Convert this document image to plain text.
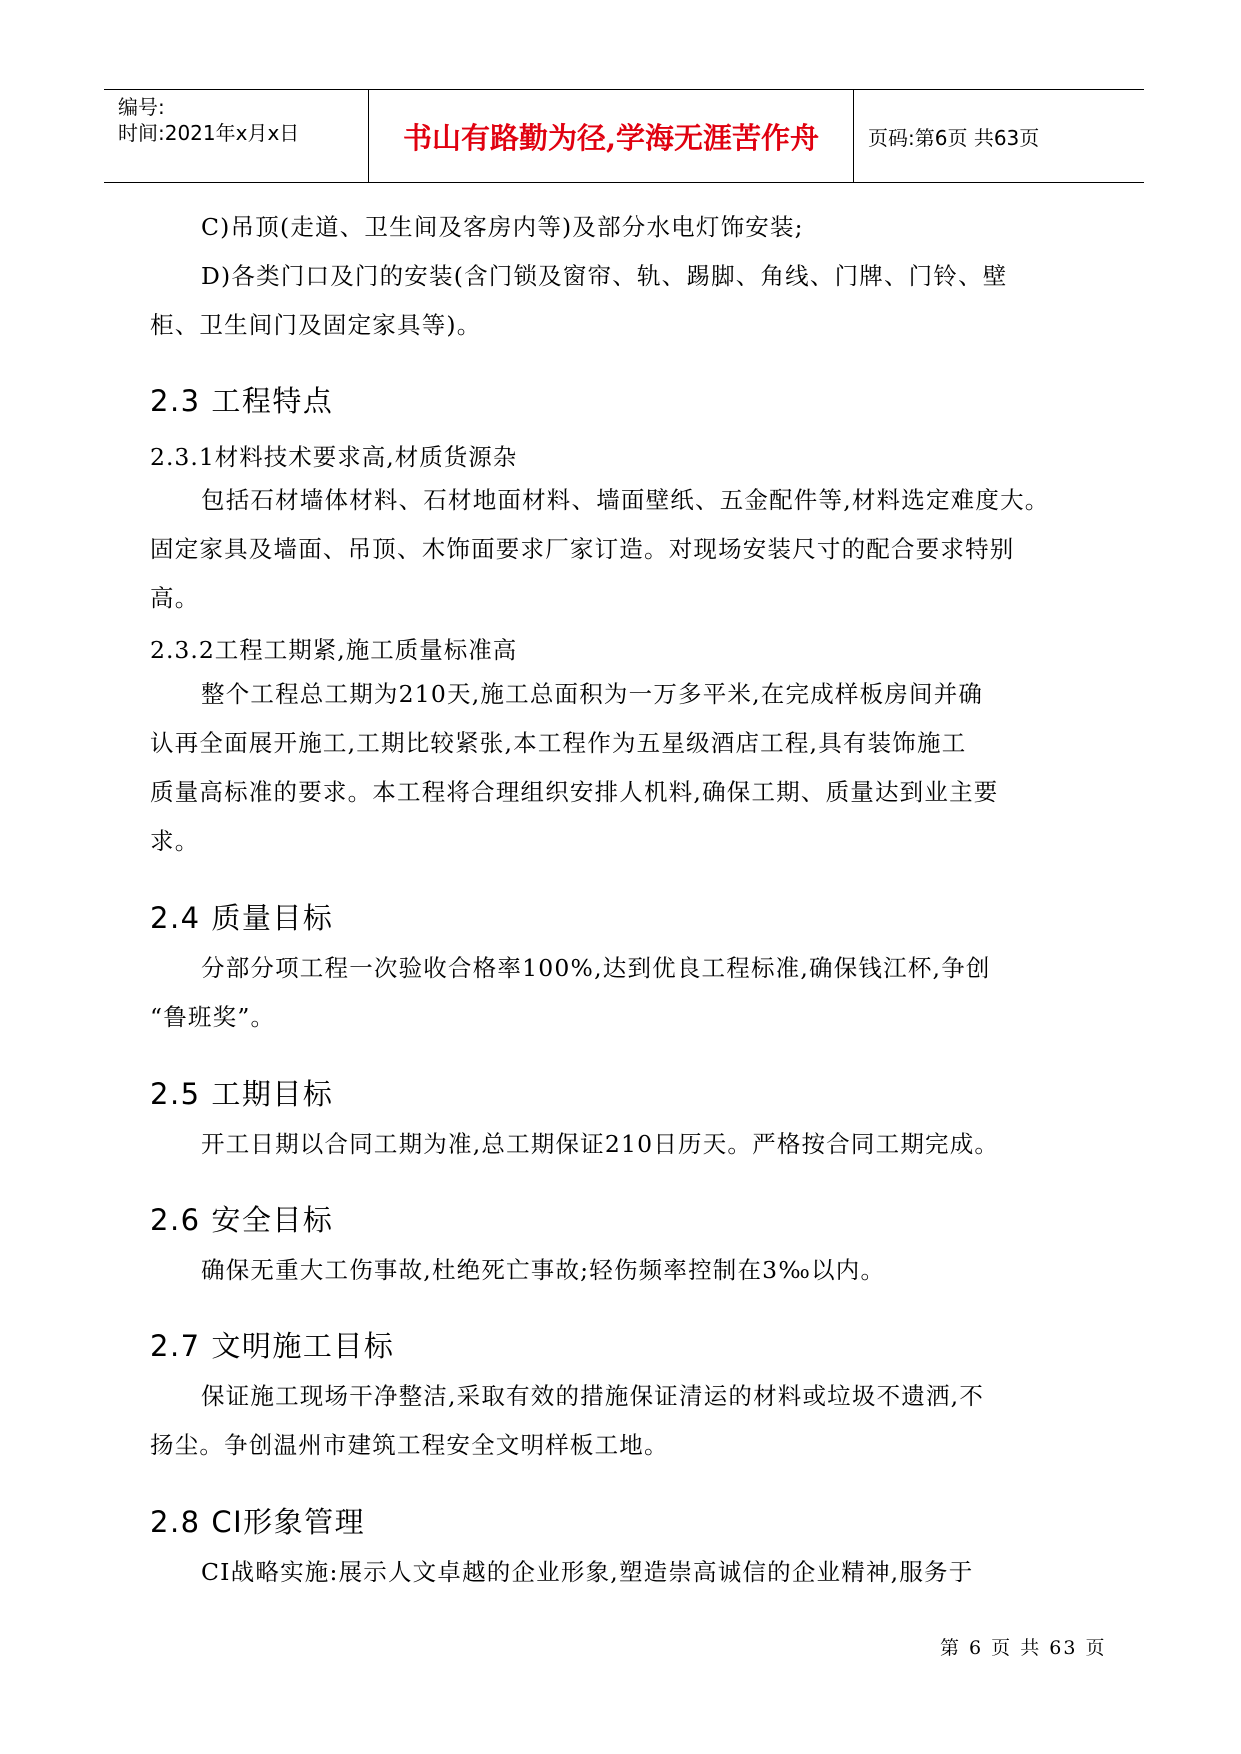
编号:
时间:2021年x月x日	书山有路勤为径,学海无涯苦作舟 页码:第6页 共63页
C)吊顶(走道、卫生间及客房内等)及部分水电灯饰安装;
D)各类门口及门的安装(含门锁及窗帘、轨、踢脚、角线、门牌、门铃、壁
柜、卫生间门及固定家具等)。
2.3 工程特点
2.3.1材料技术要求高,材质货源杂
包括石材墙体材料、石材地面材料、墙面壁纸、五金配件等,材料选定难度大。
固定家具及墙面、吊顶、木饰面要求厂家订造。对现场安装尺寸的配合要求特别
高。
2.3.2工程工期紧,施工质量标准高
整个工程总工期为210天,施工总面积为一万多平米,在完成样板房间并确
认再全面展开施工,工期比较紧张,本工程作为五星级酒店工程,具有装饰施工
质量高标准的要求。本工程将合理组织安排人机料,确保工期、质量达到业主要
求。
2.4 质量目标
分部分项工程一次验收合格率100%,达到优良工程标准,确保钱江杯,争创
“鲁班奖”。
2.5 工期目标
开工日期以合同工期为准,总工期保证210日历天。严格按合同工期完成。
2.6 安全目标
确保无重大工伤事故,杜绝死亡事故;轻伤频率控制在3‰以内。
2.7 文明施工目标
保证施工现场干净整洁,采取有效的措施保证清运的材料或垃圾不遗洒,不
扬尘。争创温州市建筑工程安全文明样板工地。
2.8 CI形象管理
CI战略实施:展示人文卓越的企业形象,塑造崇高诚信的企业精神,服务于
第 6 页 共 63 页
